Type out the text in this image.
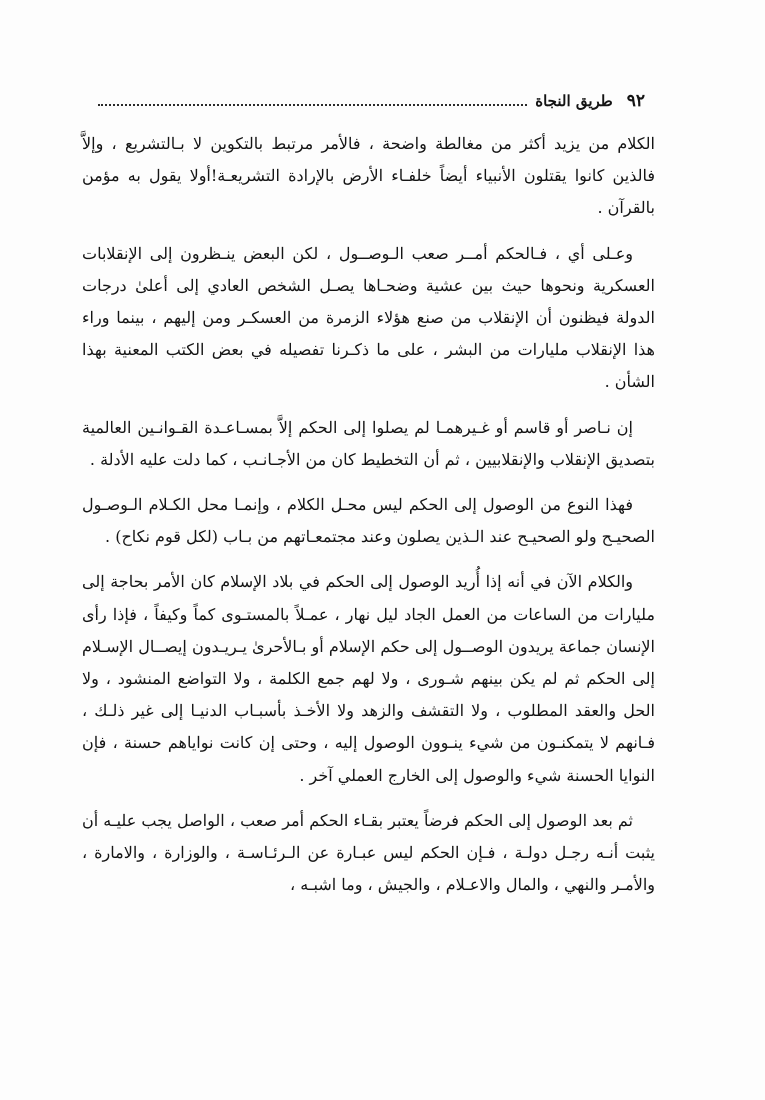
٩٢
طريق النجاة

الكلام من يزيد أكثر من مغالطة واضحة ، فالأمر مرتبط بالتكوين لا بـالتشريع ، وإلاَّ فالذين كانوا يقتلون الأنبياء أيضاً خلفـاء الأرض بالإرادة التشريعـة!أولا يقول به مؤمن بالقرآن .

وعـلى أي ، فـالحكم أمــر صعب الـوصــول ، لكن البعض ينـظرون إلى الإنقلابات العسكرية ونحوها حيث بين عشية وضحـاها يصـل الشخص العادي إلى أعلىٰ درجات الدولة فيظنون أن الإنقلاب من صنع هؤلاء الزمرة من العسكـر ومن إليهم ، بينما وراء هذا الإنقلاب مليارات من البشر ، على ما ذكـرنا تفصيله في بعض الكتب المعنية بهذا الشأن .

إن نـاصر أو قاسم أو غـيرهمـا لم يصلوا إلى الحكم إلاَّ بمسـاعـدة القـوانـين العالمية بتصديق الإنقلاب والإنقلابيين ، ثم أن التخطيط كان من الأجـانـب ، كما دلت عليه الأدلة .

فهذا النوع من الوصول إلى الحكم ليس محـل الكلام ، وإنمـا محل الكـلام الـوصـول الصحيـح ولو الصحيـح عند الـذين يصلون وعند مجتمعـاتهم من بـاب (لكل قوم نكاح) .

والكلام الآن في أنه إذا أُريد الوصول إلى الحكم في بلاد الإسلام كان الأمر بحاجة إلى مليارات من الساعات من العمل الجاد ليل نهار ، عمـلاً بالمستـوى كماً وكيفاً ، فإذا رأى الإنسان جماعة يريدون الوصــول إلى حكم الإسلام أو بـالأحرىٰ يـريـدون إيصــال الإسـلام إلى الحكم ثم لم يكن بينهم شـورى ، ولا لهم جمع الكلمة ، ولا التواضع المنشود ، ولا الحل والعقد المطلوب ، ولا التقشف والزهد ولا الأخـذ بأسبـاب الدنيـا إلى غير ذلـك ، فـانهم لا يتمكنـون من شيء ينـوون الوصول إليه ، وحتى إن كانت نواياهم حسنة ، فإن النوايا الحسنة شيء والوصول إلى الخارج العملي آخر .

ثم بعد الوصول إلى الحكم فرضاً يعتبر بقـاء الحكم أمر صعب ، الواصل يجب عليـه أن يثبت أنـه رجـل دولـة ، فـإن الحكم ليس عبـارة عن الـرئـاسـة ، والوزارة ، والامارة ، والأمـر والنهي ، والمال والاعـلام ، والجيش ، وما اشبـه ،
